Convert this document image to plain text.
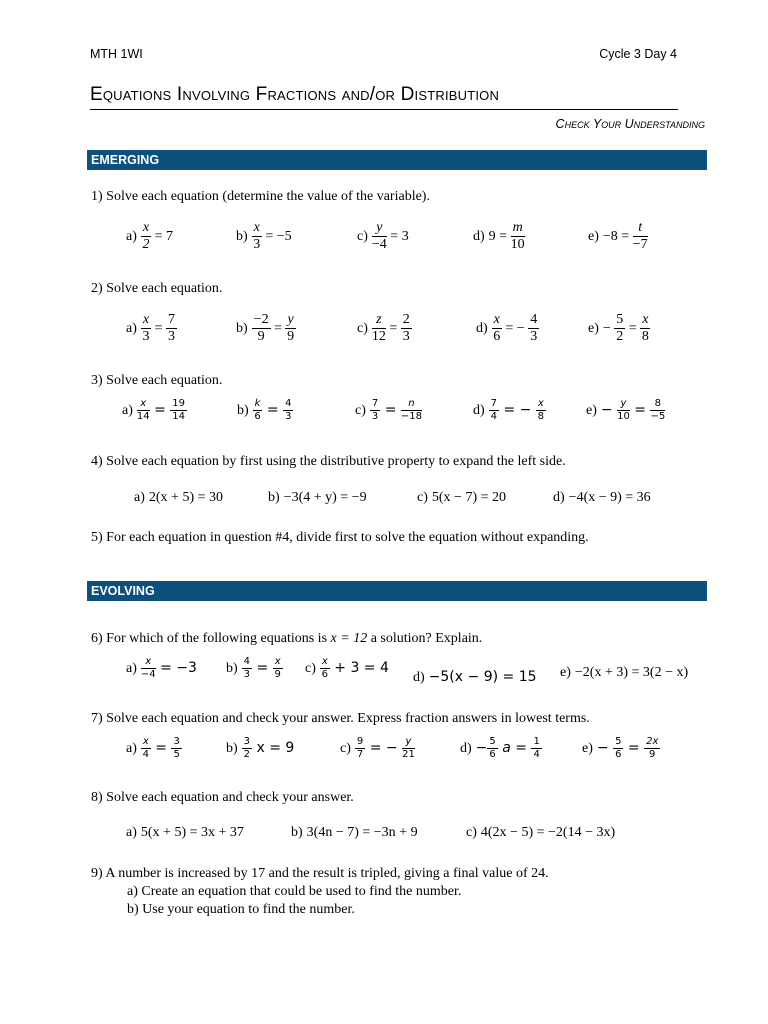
MTH 1WI	Cycle 3 Day 4
Equations Involving Fractions and/or Distribution
Check Your Understanding
EMERGING
1) Solve each equation (determine the value of the variable).
$a) \frac{x}{2} = 7$	$b) \frac{x}{3} = -5$	$c) \frac{y}{-4} = 3$	d) $9 = \frac{m}{10}$	$e) -8 = \frac{t}{-7}$
2) Solve each equation.
$a) \frac{x}{3} = \frac{7}{3}$	$b) \frac{-2}{9} = \frac{y}{9}$	$c) \frac{z}{12} = \frac{2}{3}$	$d) \frac{x}{6}$ = − $\frac{4}{3}$	$e) - \frac{5}{2} = \frac{x}{8}$
3) Solve each equation.
$a) \frac{x}{14} = \frac{19}{14}$	$b) \frac{k}{6} = \frac{4}{3}$	$c) \frac{7}{3} = \frac{n}{-18}$	$d) \frac{7}{4}$ = − $\frac{x}{8}$	$e) - \frac{y}{10} = \frac{8}{-5}$
4) Solve each equation by first using the distributive property to expand the left side.
a) 2(x + 5) = 30	b) −3(4 + y) = −9	c) 5(x − 7) = 20	d) −4(x − 9) = 36
5) For each equation in question #4, divide first to solve the equation without expanding.
EVOLVING
6) For which of the following equations is x = 12 a solution? Explain.
$a) \frac{x}{-4} = -3$ $b) \frac{4}{3} = \frac{x}{9} c) \frac{x}{6} + 3 = 4$
d) −5(x − 9) = 15 e) −2(x + 3) = 3(2 − x)
7) Solve each equation and check your answer. Express fraction answers in lowest terms.
$a) \frac{x}{4} = \frac{3}{5}$	$b) \frac{3}{2}$ x = 9	$c) \frac{9}{7}$ = − $\frac{y}{21}$	$d) - \frac{5}{6}$ $a = \frac{1}{4}$	$e) - \frac{5}{6} = \frac{2x}{9}$
8) Solve each equation and check your answer.
a) 5(x + 5) = 3x + 37	b) 3(4n − 7) = −3n + 9	c) 4(2x − 5) = −2(14 − 3x)
9) A number is increased by 17 and the result is tripled, giving a final value of 24.
a) Create an equation that could be used to find the number.
b) Use your equation to find the number.
